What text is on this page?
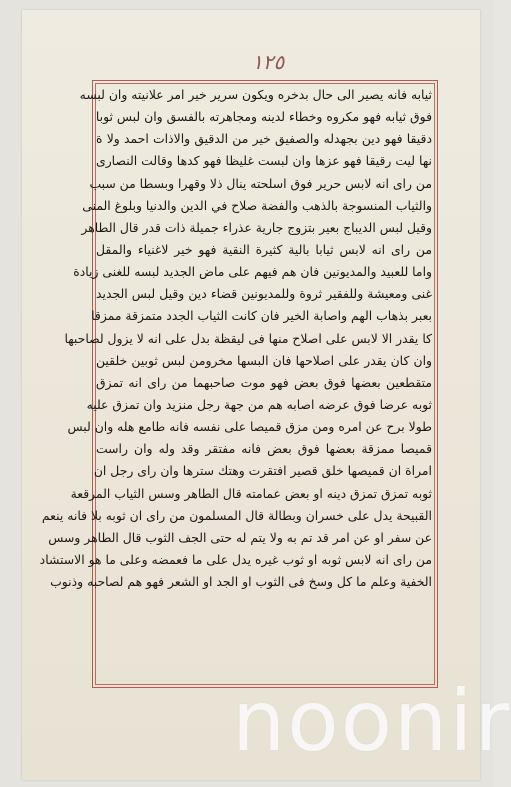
١٢٥
ثيابه فانه يصير الى حال بدخره ويكون سرير خير امر علانيته وان لبسه
فوق ثيابه فهو مكروه وخطاء لدينه ومجاهرته بالفسق وان لبس ثوبا
دقيقا فهو دين بجهدله والصفيق خير من الدقيق والاذات احمد ولا ة
نها ليت رقيقا فهو عزها وان لبست غليظا فهو كدها وقالت النصارى
من راى انه لابس حرير فوق اسلحته ينال ذلا وقهرا وبسطا من سبب
والثياب المنسوجة بالذهب والفضة صلاح في الدين والدنيا وبلوغ المنى
وقيل لبس الديباج بعير بتزوج جارية عذراء جميلة ذات قدر قال الطاهر
من راى انه لابس ثيابا بالية كثيرة النقية فهو خير لاغنياء والمقل
واما للعبيد والمديونين فان هم فيهم على ماض الجديد لبسه للغنى زيادة
غنى ومعيشة وللفقير ثروة وللمديونين قضاء دين وقيل لبس الجديد
بعبر بذهاب الهم واصابة الخير فان كانت الثياب الجدد متمزقة ممزقا
كا يقدر الا لابس على اصلاح منها فى ليقظة بدل على انه لا يزول لصاحبها
وان كان يقدر على اصلاحها فان البسها مخرومن لبس ثوبين خلقين
متقطعين بعضها فوق بعض فهو موت صاحبهما من راى انه تمزق
ثوبه عرضا فوق عرضه اصابه هم من جهة رجل منزيد وان تمزق عليه
طولا برح عن امره ومن مزق قميصا على نفسه فانه طامع هله وان لبس
قميصا ممزقة بعضها فوق بعض فانه مفتقر وقد وله وان راست
امراة ان قميصها خلق قصير افتقرت وهتك سترها وان راى رجل ان
ثوبه تمزق تمزق دينه او بعض عمامته قال الطاهر وسس الثياب المرقعة
القبيحة يدل على خسران وبطالة قال المسلمون من راى ان ثوبه بلا فانه ينعم
عن سفر او عن امر قد تم به ولا يتم له حتى الجف الثوب قال الطاهر وسس
من راى انه لابس ثوبه او ثوب غيره يدل على ما فعمضه وعلى ما هو الاستشاد
الخفية وعلم ما كل وسخ فى الثوب او الجد او الشعر فهو هم لصاحبه وذنوب
noonir
